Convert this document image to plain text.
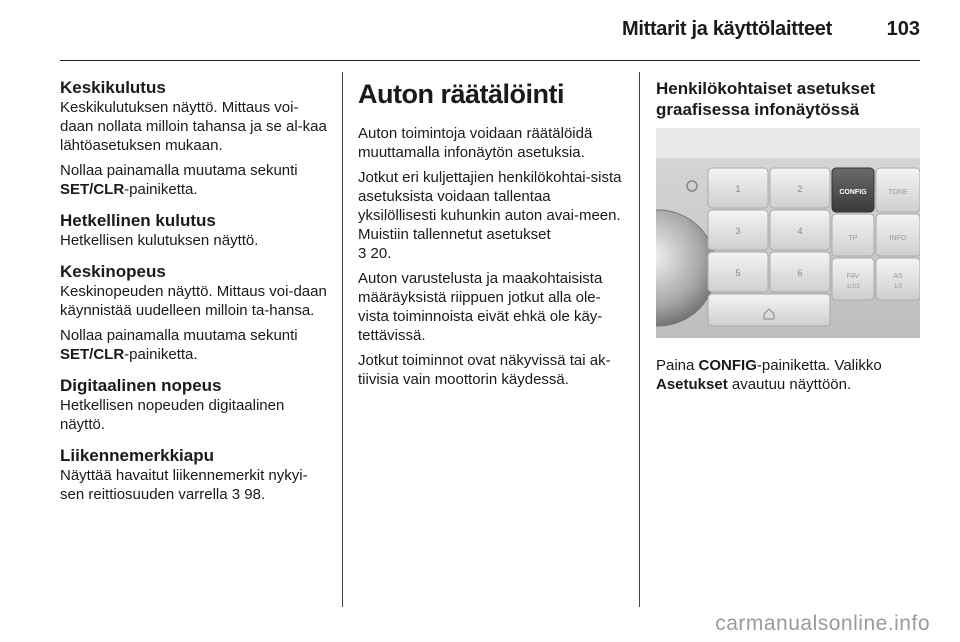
Mittarit ja käyttölaitteet	103
Keskikulutus

Keskikulutuksen näyttö. Mittaus voi-daan nollata milloin tahansa ja se al-kaa lähtöasetuksen mukaan.

Nollaa painamalla muutama sekunti
SET/CLR-painiketta.

Hetkellinen kulutus

Hetkellisen kulutuksen näyttö.

Keskinopeus

Keskinopeuden näyttö. Mittaus voi-daan käynnistää uudelleen milloin ta-hansa.

Nollaa painamalla muutama sekunti
SET/CLR-painiketta.

Digitaalinen nopeus

Hetkellisen nopeuden digitaalinen näyttö.

Liikennemerkkiapu

Näyttää havaitut liikennemerkit nykyi-sen reittiosuuden varrella 3 98.

Auton räätälöinti

Auton toimintoja voidaan räätälöidä muuttamalla infonäytön asetuksia.

Jotkut eri kuljettajien henkilökohtai-sista asetuksista voidaan tallentaa yksilöllisesti kuhunkin auton avai-meen. Muistiin tallennetut asetukset
3 20.

Auton varustelusta ja maakohtaisista määräyksistä riippuen jotkut alla ole-vista toiminnoista eivät ehkä ole käy-tettävissä.

Jotkut toiminnot ovat näkyvissä tai ak-tiivisia vain moottorin käydessä.

Henkilökohtaiset asetukset graafisessa infonäytössä
1	2
3	4
5	6
CONFIG	TONE
TP	INFO
FAV
1/2/3
AS
1/2

Paina CONFIG-painiketta. Valikko
Asetukset avautuu näyttöön.

carmanualsonline.info
